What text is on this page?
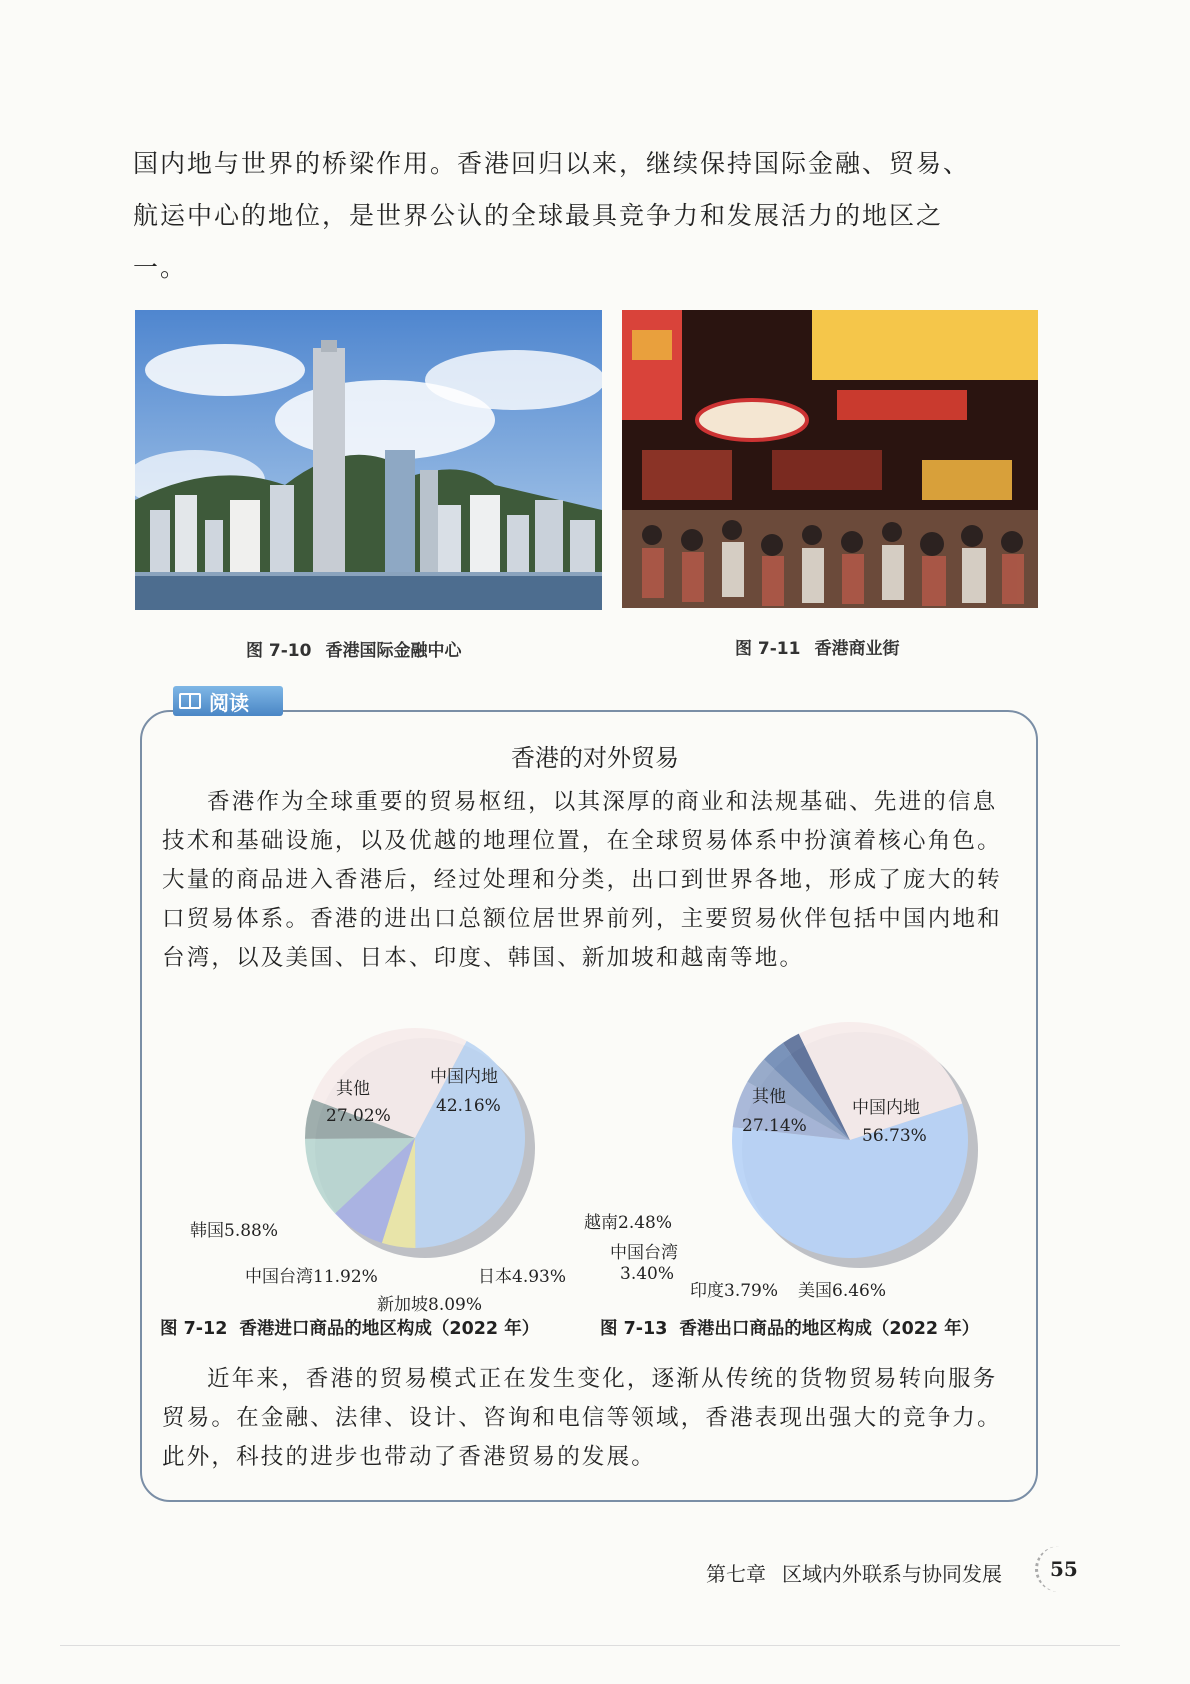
国内地与世界的桥梁作用。香港回归以来，继续保持国际金融、贸易、航运中心的地位，是世界公认的全球最具竞争力和发展活力的地区之一。

图 7-10 香港国际金融中心	图 7-11 香港商业街
阅读
香港的对外贸易

香港作为全球重要的贸易枢纽，以其深厚的商业和法规基础、先进的信息技术和基础设施，以及优越的地理位置，在全球贸易体系中扮演着核心角色。大量的商品进入香港后，经过处理和分类，出口到世界各地，形成了庞大的转口贸易体系。香港的进出口总额位居世界前列，主要贸易伙伴包括中国内地和台湾，以及美国、日本、印度、韩国、新加坡和越南等地。

其他
27.02%
中国内地
42.16%
韩国5.88%
中国台湾11.92%
新加坡8.09%
日本4.93%
其他
27.14%
中国内地
56.73%
越南2.48%
中国台湾
3.40%
印度3.79% 美国6.46%
图 7-12 香港进口商品的地区构成（2022 年）	图 7-13 香港出口商品的地区构成（2022 年）

近年来，香港的贸易模式正在发生变化，逐渐从传统的货物贸易转向服务贸易。在金融、法律、设计、咨询和电信等领域，香港表现出强大的竞争力。此外，科技的进步也带动了香港贸易的发展。

第七章 区域内外联系与协同发展 55
